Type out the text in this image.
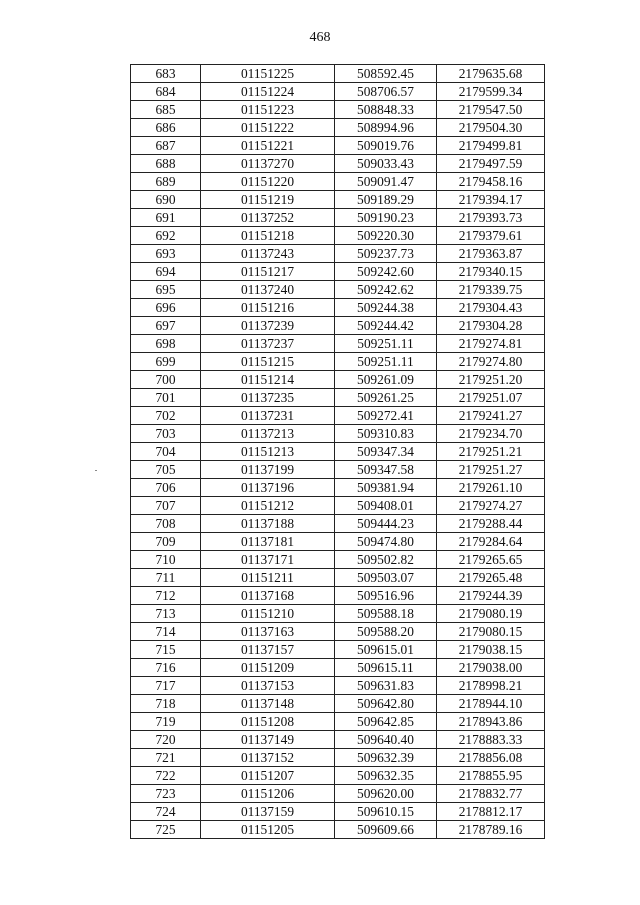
468
683	01151225	508592.45	2179635.68
684	01151224	508706.57	2179599.34
685	01151223	508848.33	2179547.50
686	01151222	508994.96	2179504.30
687	01151221	509019.76	2179499.81
688	01137270	509033.43	2179497.59
689	01151220	509091.47	2179458.16
690	01151219	509189.29	2179394.17
691	01137252	509190.23	2179393.73
692	01151218	509220.30	2179379.61
693	01137243	509237.73	2179363.87
694	01151217	509242.60	2179340.15
695	01137240	509242.62	2179339.75
696	01151216	509244.38	2179304.43
697	01137239	509244.42	2179304.28
698	01137237	509251.11	2179274.81
699	01151215	509251.11	2179274.80
700	01151214	509261.09	2179251.20
701	01137235	509261.25	2179251.07
702	01137231	509272.41	2179241.27
703	01137213	509310.83	2179234.70
704	01151213	509347.34	2179251.21
705	01137199	509347.58	2179251.27
706	01137196	509381.94	2179261.10
707	01151212	509408.01	2179274.27
708	01137188	509444.23	2179288.44
709	01137181	509474.80	2179284.64
710	01137171	509502.82	2179265.65
711	01151211	509503.07	2179265.48
712	01137168	509516.96	2179244.39
713	01151210	509588.18	2179080.19
714	01137163	509588.20	2179080.15
715	01137157	509615.01	2179038.15
716	01151209	509615.11	2179038.00
717	01137153	509631.83	2178998.21
718	01137148	509642.80	2178944.10
719	01151208	509642.85	2178943.86
720	01137149	509640.40	2178883.33
721	01137152	509632.39	2178856.08
722	01151207	509632.35	2178855.95
723	01151206	509620.00	2178832.77
724	01137159	509610.15	2178812.17
725	01151205	509609.66	2178789.16
